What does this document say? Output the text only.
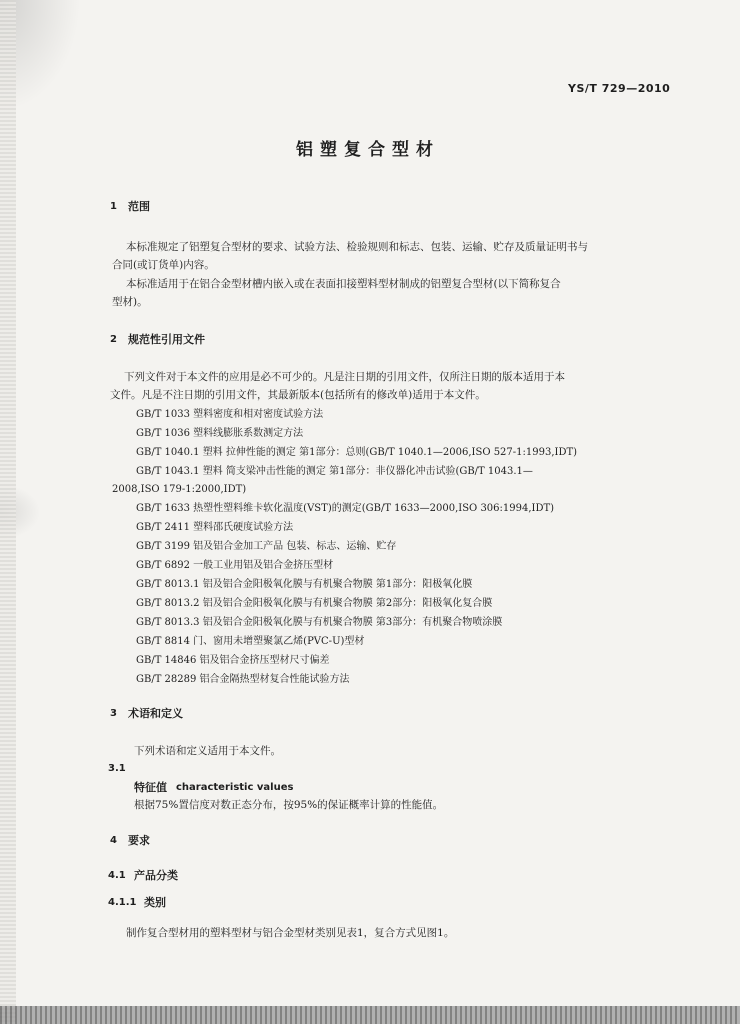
YS/T 729—2010
铝塑复合型材
1 范围
本标准规定了铝塑复合型材的要求、试验方法、检验规则和标志、包装、运输、贮存及质量证明书与
合同(或订货单)内容。
本标准适用于在铝合金型材槽内嵌入或在表面扣接塑料型材制成的铝塑复合型材(以下简称复合
型材)。
2 规范性引用文件
下列文件对于本文件的应用是必不可少的。凡是注日期的引用文件，仅所注日期的版本适用于本
文件。凡是不注日期的引用文件，其最新版本(包括所有的修改单)适用于本文件。
GB/T 1033 塑料密度和相对密度试验方法
GB/T 1036 塑料线膨胀系数测定方法
GB/T 1040.1 塑料 拉伸性能的测定 第1部分：总则(GB/T 1040.1—2006,ISO 527-1:1993,IDT)
GB/T 1043.1 塑料 简支梁冲击性能的测定 第1部分：非仪器化冲击试验(GB/T 1043.1—
2008,ISO 179-1:2000,IDT)
GB/T 1633 热塑性塑料维卡软化温度(VST)的测定(GB/T 1633—2000,ISO 306:1994,IDT)
GB/T 2411 塑料邵氏硬度试验方法
GB/T 3199 铝及铝合金加工产品 包装、标志、运输、贮存
GB/T 6892 一般工业用铝及铝合金挤压型材
GB/T 8013.1 铝及铝合金阳极氧化膜与有机聚合物膜 第1部分：阳极氧化膜
GB/T 8013.2 铝及铝合金阳极氧化膜与有机聚合物膜 第2部分：阳极氧化复合膜
GB/T 8013.3 铝及铝合金阳极氧化膜与有机聚合物膜 第3部分：有机聚合物喷涂膜
GB/T 8814 门、窗用未增塑聚氯乙烯(PVC-U)型材
GB/T 14846 铝及铝合金挤压型材尺寸偏差
GB/T 28289 铝合金隔热型材复合性能试验方法
3 术语和定义
下列术语和定义适用于本文件。
3.1
特征值 characteristic values
根据75%置信度对数正态分布，按95%的保证概率计算的性能值。
4 要求
4.1 产品分类
4.1.1 类别
制作复合型材用的塑料型材与铝合金型材类别见表1，复合方式见图1。
